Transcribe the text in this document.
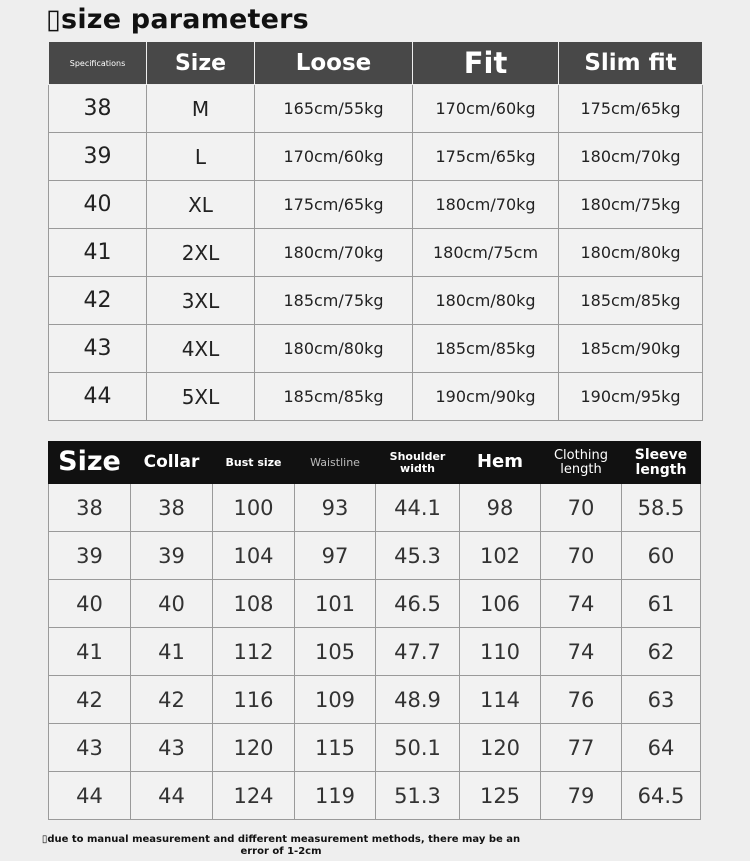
▯size parameters
Specifications	Size	Loose	Fit	Slim fit
38	M	165cm/55kg	170cm/60kg	175cm/65kg
39	L	170cm/60kg	175cm/65kg	180cm/70kg
40	XL	175cm/65kg	180cm/70kg	180cm/75kg
41	2XL	180cm/70kg	180cm/75cm	180cm/80kg
42	3XL	185cm/75kg	180cm/80kg	185cm/85kg
43	4XL	180cm/80kg	185cm/85kg	185cm/90kg
44	5XL	185cm/85kg	190cm/90kg	190cm/95kg
Size	Collar	Bust size	Waistline	Shoulder width	Hem	Clothing length	Sleeve length
38	38	100	93	44.1	98	70	58.5
39	39	104	97	45.3	102	70	60
40	40	108	101	46.5	106	74	61
41	41	112	105	47.7	110	74	62
42	42	116	109	48.9	114	76	63
43	43	120	115	50.1	120	77	64
44	44	124	119	51.3	125	79	64.5
▯due to manual measurement and different measurement methods, there may be an error of 1-2cm
